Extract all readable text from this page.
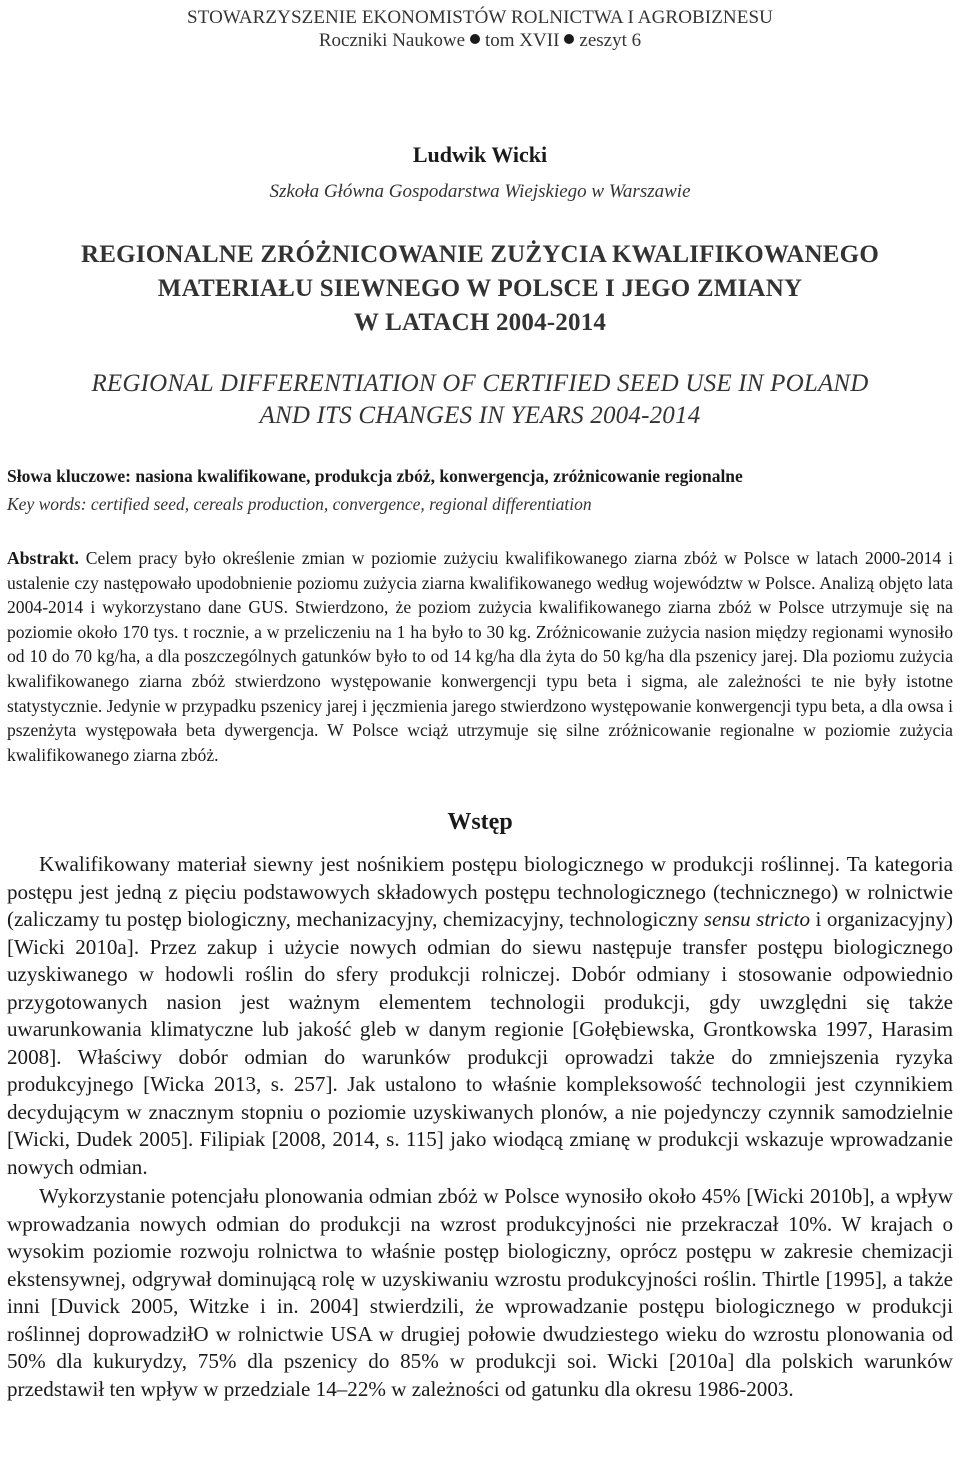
STOWARZYSZENIE EKONOMISTÓW ROLNICTWA I AGROBIZNESU
Roczniki Naukowe tom XVII zeszyt 6
Ludwik Wicki
Szkoła Główna Gospodarstwa Wiejskiego w Warszawie
REGIONALNE ZRÓŻNICOWANIE ZUŻYCIA KWALIFIKOWANEGO
MATERIAŁU SIEWNEGO W POLSCE I JEGO ZMIANY
W LATACH 2004-2014
REGIONAL DIFFERENTIATION OF CERTIFIED SEED USE IN POLAND
AND ITS CHANGES IN YEARS 2004-2014
Słowa kluczowe: nasiona kwalifikowane, produkcja zbóż, konwergencja, zróżnicowanie regionalne
Key words: certified seed, cereals production, convergence, regional differentiation
Abstrakt. Celem pracy było określenie zmian w poziomie zużyciu kwalifikowanego ziarna zbóż w Polsce w latach 2000-2014 i ustalenie czy następowało upodobnienie poziomu zużycia ziarna kwalifikowanego według województw w Polsce. Analizą objęto lata 2004-2014 i wykorzystano dane GUS. Stwierdzono, że poziom zużycia kwalifikowanego ziarna zbóż w Polsce utrzymuje się na poziomie około 170 tys. t rocznie, a w przeliczeniu na 1 ha było to 30 kg. Zróżnicowanie zużycia nasion między regionami wynosiło od 10 do 70 kg/ha, a dla poszczególnych gatunków było to od 14 kg/ha dla żyta do 50 kg/ha dla pszenicy jarej. Dla poziomu zużycia kwalifikowanego ziarna zbóż stwierdzono występowanie konwergencji typu beta i sigma, ale zależności te nie były istotne statystycznie. Jedynie w przypadku pszenicy jarej i jęczmienia jarego stwierdzono występowanie konwergencji typu beta, a dla owsa i pszenżyta występowała beta dywergencja. W Polsce wciąż utrzymuje się silne zróżnicowanie regionalne w poziomie zużycia kwalifikowanego ziarna zbóż.
Wstęp

Kwalifikowany materiał siewny jest nośnikiem postępu biologicznego w produkcji roślinnej. Ta kategoria postępu jest jedną z pięciu podstawowych składowych postępu technologicznego (technicznego) w rolnictwie (zaliczamy tu postęp biologiczny, mechanizacyjny, chemizacyjny, technologiczny sensu stricto i organizacyjny) [Wicki 2010a]. Przez zakup i użycie nowych odmian do siewu następuje transfer postępu biologicznego uzyskiwanego w hodowli roślin do sfery produkcji rolniczej. Dobór odmiany i stosowanie odpowiednio przygotowanych nasion jest ważnym elementem technologii produkcji, gdy uwzględni się także uwarunkowania klimatyczne lub jakość gleb w danym regionie [Gołębiewska, Grontkowska 1997, Harasim 2008]. Właściwy dobór odmian do warunków produkcji oprowadzi także do zmniejszenia ryzyka produkcyjnego [Wicka 2013, s. 257]. Jak ustalono to właśnie kompleksowość technologii jest czynnikiem decydującym w znacznym stopniu o poziomie uzyskiwanych plonów, a nie pojedynczy czynnik samodzielnie [Wicki, Dudek 2005]. Filipiak [2008, 2014, s. 115] jako wiodącą zmianę w produkcji wskazuje wprowadzanie nowych odmian.

Wykorzystanie potencjału plonowania odmian zbóż w Polsce wynosiło około 45% [Wicki 2010b], a wpływ wprowadzania nowych odmian do produkcji na wzrost produkcyjności nie przekraczał 10%. W krajach o wysokim poziomie rozwoju rolnictwa to właśnie postęp biologiczny, oprócz postępu w zakresie chemizacji ekstensywnej, odgrywał dominującą rolę w uzyskiwaniu wzrostu produkcyjności roślin. Thirtle [1995], a także inni [Duvick 2005, Witzke i in. 2004] stwierdzili, że wprowadzanie postępu biologicznego w produkcji roślinnej doprowadziłO w rolnictwie USA w drugiej połowie dwudziestego wieku do wzrostu plonowania od 50% dla kukurydzy, 75% dla pszenicy do 85% w produkcji soi. Wicki [2010a] dla polskich warunków przedstawił ten wpływ w przedziale 14–22% w zależności od gatunku dla okresu 1986-2003.
